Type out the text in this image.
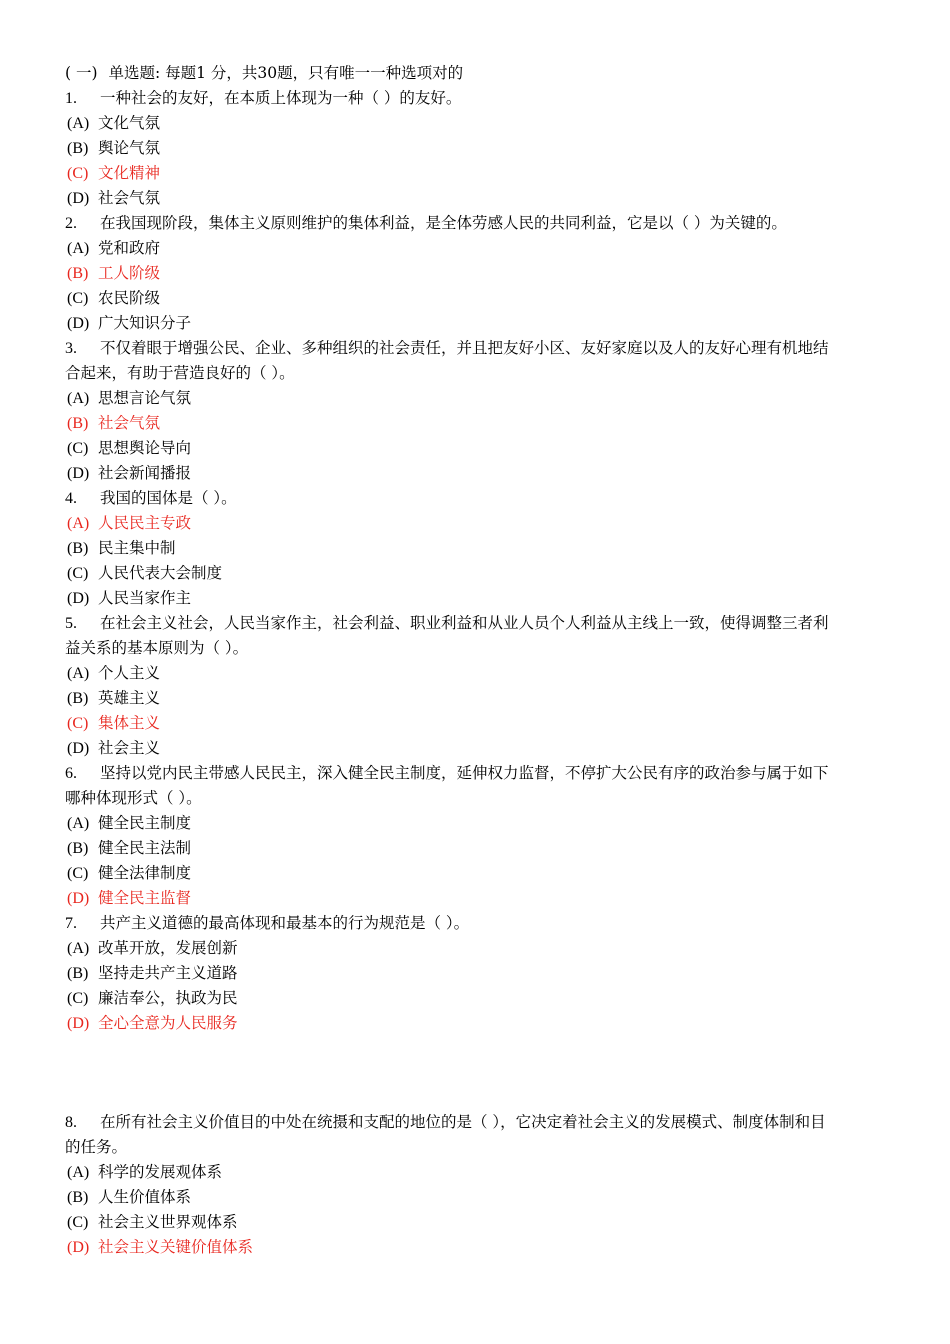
( 一) 单选题: 每题1 分，共30题，只有唯一一种选项对的
1. 一种社会的友好，在本质上体现为一种（ ）的友好。
(A) 文化气氛
(B) 舆论气氛
(C) 文化精神
(D) 社会气氛
2. 在我国现阶段，集体主义原则维护的集体利益，是全体劳感人民的共同利益，它是以（ ）为关键的。
(A) 党和政府
(B) 工人阶级
(C) 农民阶级
(D) 广大知识分子
3. 不仅着眼于增强公民、企业、多种组织的社会责任，并且把友好小区、友好家庭以及人的友好心理有机地结
合起来，有助于营造良好的（ ）。
(A) 思想言论气氛
(B) 社会气氛
(C) 思想舆论导向
(D) 社会新闻播报
4. 我国的国体是（ ）。
(A) 人民民主专政
(B) 民主集中制
(C) 人民代表大会制度
(D) 人民当家作主
5. 在社会主义社会，人民当家作主，社会利益、职业利益和从业人员个人利益从主线上一致，使得调整三者利
益关系的基本原则为（ ）。
(A) 个人主义
(B) 英雄主义
(C) 集体主义
(D) 社会主义
6. 坚持以党内民主带感人民民主，深入健全民主制度，延伸权力监督，不停扩大公民有序的政治参与属于如下
哪种体现形式（ ）。
(A) 健全民主制度
(B) 健全民主法制
(C) 健全法律制度
(D) 健全民主监督
7. 共产主义道德的最高体现和最基本的行为规范是（ ）。
(A) 改革开放，发展创新
(B) 坚持走共产主义道路
(C) 廉洁奉公，执政为民
(D) 全心全意为人民服务
8. 在所有社会主义价值目的中处在统摄和支配的地位的是（ ），它决定着社会主义的发展模式、制度体制和目
的任务。
(A) 科学的发展观体系
(B) 人生价值体系
(C) 社会主义世界观体系
(D) 社会主义关键价值体系
